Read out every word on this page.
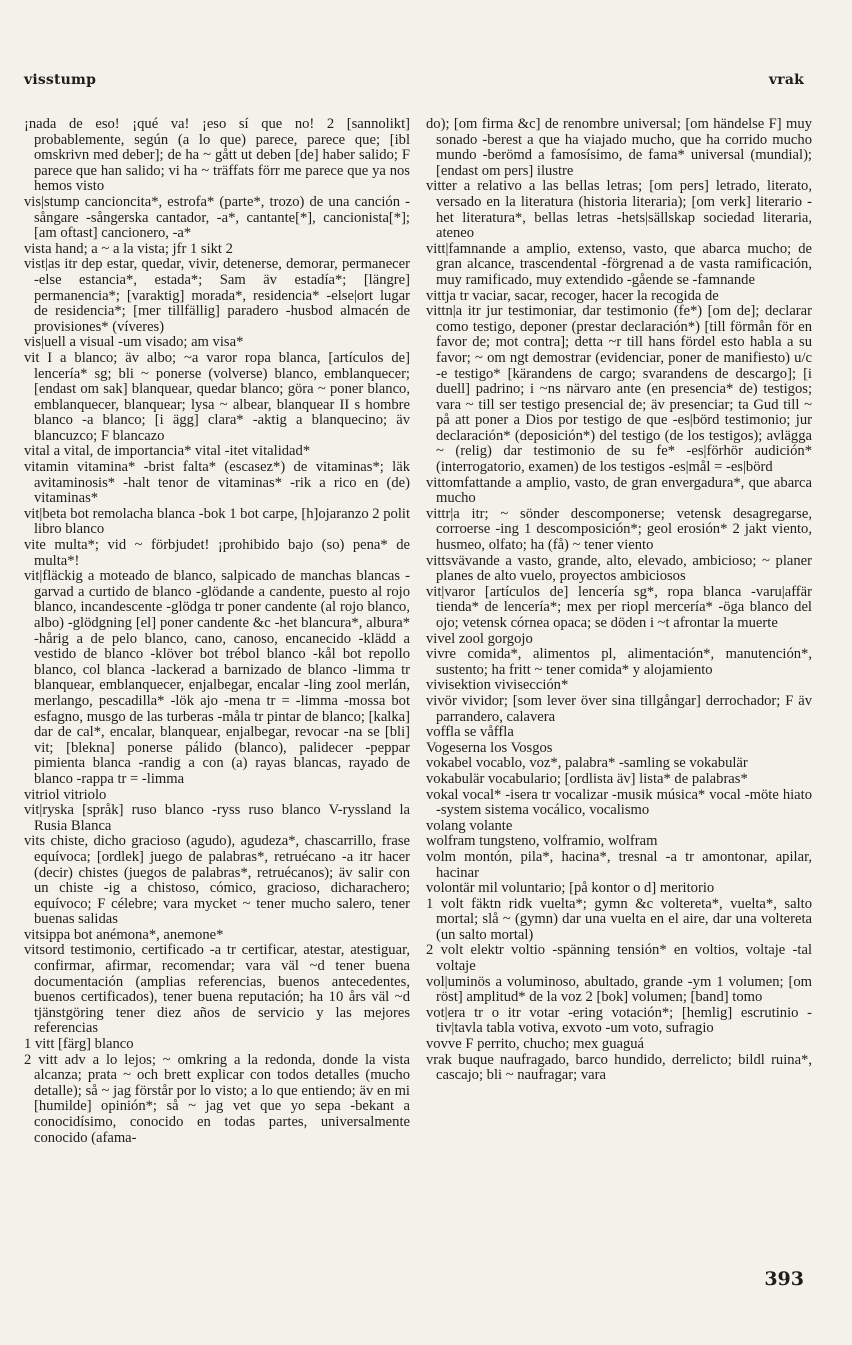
visstump	vrak

¡nada de eso! ¡qué va! ¡eso sí que no! 2 [sannolikt] probablemente, según (a lo que) parece, parece que; [ibl omskrivn med deber]; de ha ~ gått ut deben [de] haber salido; F parece que han salido; vi ha ~ träffats förr me parece que ya nos hemos visto

vis|stump cancioncita*, estrofa* (parte*, trozo) de una canción -sångare -sångerska cantador, -a*, cantante[*], cancionista[*]; [am oftast] cancionero, -a*

vista hand; a ~ a la vista; jfr 1 sikt 2

vist|as itr dep estar, quedar, vivir, detenerse, demorar, permanecer -else estancia*, estada*; Sam äv estadía*; [längre] permanencia*; [varaktig] morada*, residencia* -else|ort lugar de residencia*; [mer tillfällig] paradero -husbod almacén de provisiones* (víveres)

vis|uell a visual -um visado; am visa*

vit I a blanco; äv albo; ~a varor ropa blanca, [artículos de] lencería* sg; bli ~ ponerse (volverse) blanco, emblanquecer; [endast om sak] blanquear, quedar blanco; göra ~ poner blanco, emblanquecer, blanquear; lysa ~ albear, blanquear II s hombre blanco -a blanco; [i ägg] clara* -aktig a blanquecino; äv blancuzco; F blancazo

vital a vital, de importancia* vital -itet vitalidad*

vitamin vitamina* -brist falta* (escasez*) de vitaminas*; läk avitaminosis* -halt tenor de vitaminas* -rik a rico en (de) vitaminas*

vit|beta bot remolacha blanca -bok 1 bot carpe, [h]ojaranzo 2 polit libro blanco

vite multa*; vid ~ förbjudet! ¡prohibido bajo (so) pena* de multa*!

vit|fläckig a moteado de blanco, salpicado de manchas blancas -garvad a curtido de blanco -glödande a candente, puesto al rojo blanco, incandescente -glödga tr poner candente (al rojo blanco, albo) -glödgning [el] poner candente &c -het blancura*, albura* -hårig a de pelo blanco, cano, canoso, encanecido -klädd a vestido de blanco -klöver bot trébol blanco -kål bot repollo blanco, col blanca -lackerad a barnizado de blanco -limma tr blanquear, emblanquecer, enjalbegar, encalar -ling zool merlán, merlango, pescadilla* -lök ajo -mena tr = -limma -mossa bot esfagno, musgo de las turberas -måla tr pintar de blanco; [kalka] dar de cal*, encalar, blanquear, enjalbegar, revocar -na se [bli] vit; [blekna] ponerse pálido (blanco), palidecer -peppar pimienta blanca -randig a con (a) rayas blancas, rayado de blanco -rappa tr = -limma

vitriol vitriolo

vit|ryska [språk] ruso blanco -ryss ruso blanco V-ryssland la Rusia Blanca

vits chiste, dicho gracioso (agudo), agudeza*, chascarrillo, frase equívoca; [ordlek] juego de palabras*, retruécano -a itr hacer (decir) chistes (juegos de palabras*, retruécanos); äv salir con un chiste -ig a chistoso, cómico, gracioso, dicharachero; equívoco; F célebre; vara mycket ~ tener mucho salero, tener buenas salidas

vitsippa bot anémona*, anemone*

vitsord testimonio, certificado -a tr certificar, atestar, atestiguar, confirmar, afirmar, recomendar; vara väl ~d tener buena documentación (amplias referencias, buenos antecedentes, buenos certificados), tener buena reputación; ha 10 års väl ~d tjänstgöring tener diez años de servicio y las mejores referencias

1 vitt [färg] blanco

2 vitt adv a lo lejos; ~ omkring a la redonda, donde la vista alcanza; prata ~ och brett explicar con todos detalles (mucho detalle); så ~ jag förstår por lo visto; a lo que entiendo; äv en mi [humilde] opinión*; så ~ jag vet que yo sepa -bekant a conocidísimo, conocido en todas partes, universalmente conocido (afama-

do); [om firma &c] de renombre universal; [om händelse F] muy sonado -berest a que ha viajado mucho, que ha corrido mucho mundo -berömd a famosísimo, de fama* universal (mundial); [endast om pers] ilustre

vitter a relativo a las bellas letras; [om pers] letrado, literato, versado en la literatura (historia literaria); [om verk] literario -het literatura*, bellas letras -hets|sällskap sociedad literaria, ateneo

vitt|famnande a amplio, extenso, vasto, que abarca mucho; de gran alcance, trascendental -förgrenad a de vasta ramificación, muy ramificado, muy extendido -gående se -famnande

vittja tr vaciar, sacar, recoger, hacer la recogida de

vittn|a itr jur testimoniar, dar testimonio (fe*) [om de]; declarar como testigo, deponer (prestar declaración*) [till förmån för en favor de; mot contra]; detta ~r till hans fördel esto habla a su favor; ~ om ngt demostrar (evidenciar, poner de manifiesto) u/c -e testigo* [kärandens de cargo; svarandens de descargo]; [i duell] padrino; i ~ns närvaro ante (en presencia* de) testigos; vara ~ till ser testigo presencial de; äv presenciar; ta Gud till ~ på att poner a Dios por testigo de que -es|börd testimonio; jur declaración* (deposición*) del testigo (de los testigos); avlägga ~ (relig) dar testimonio de su fe* -es|förhör audición* (interrogatorio, examen) de los testigos -es|mål = -es|börd

vittomfattande a amplio, vasto, de gran envergadura*, que abarca mucho

vittr|a itr; ~ sönder descomponerse; vetensk desagregarse, corroerse -ing 1 descomposición*; geol erosión* 2 jakt viento, husmeo, olfato; ha (få) ~ tener viento

vittsvävande a vasto, grande, alto, elevado, ambicioso; ~ planer planes de alto vuelo, proyectos ambiciosos

vit|varor [artículos de] lencería sg*, ropa blanca -varu|affär tienda* de lencería*; mex per riopl mercería* -öga blanco del ojo; vetensk córnea opaca; se döden i ~t afrontar la muerte

vivel zool gorgojo

vivre comida*, alimentos pl, alimentación*, manutención*, sustento; ha fritt ~ tener comida* y alojamiento

vivisektion vivisección*

vivör vividor; [som lever över sina tillgångar] derrochador; F äv parrandero, calavera

voffla se våffla

Vogeserna los Vosgos

vokabel vocablo, voz*, palabra* -samling se vokabulär

vokabulär vocabulario; [ordlista äv] lista* de palabras*

vokal vocal* -isera tr vocalizar -musik música* vocal -möte hiato -system sistema vocálico, vocalismo

volang volante

wolfram tungsteno, volframio, wolfram

volm montón, pila*, hacina*, tresnal -a tr amontonar, apilar, hacinar

volontär mil voluntario; [på kontor o d] meritorio

1 volt fäktn ridk vuelta*; gymn &c voltereta*, vuelta*, salto mortal; slå ~ (gymn) dar una vuelta en el aire, dar una voltereta (un salto mortal)

2 volt elektr voltio -spänning tensión* en voltios, voltaje -tal voltaje

vol|uminös a voluminoso, abultado, grande -ym 1 volumen; [om röst] amplitud* de la voz 2 [bok] volumen; [band] tomo

vot|era tr o itr votar -ering votación*; [hemlig] escrutinio -tiv|tavla tabla votiva, exvoto -um voto, sufragio

vovve F perrito, chucho; mex guaguá

vrak buque naufragado, barco hundido, derrelicto; bildl ruina*, cascajo; bli ~ naufragar; vara

393
